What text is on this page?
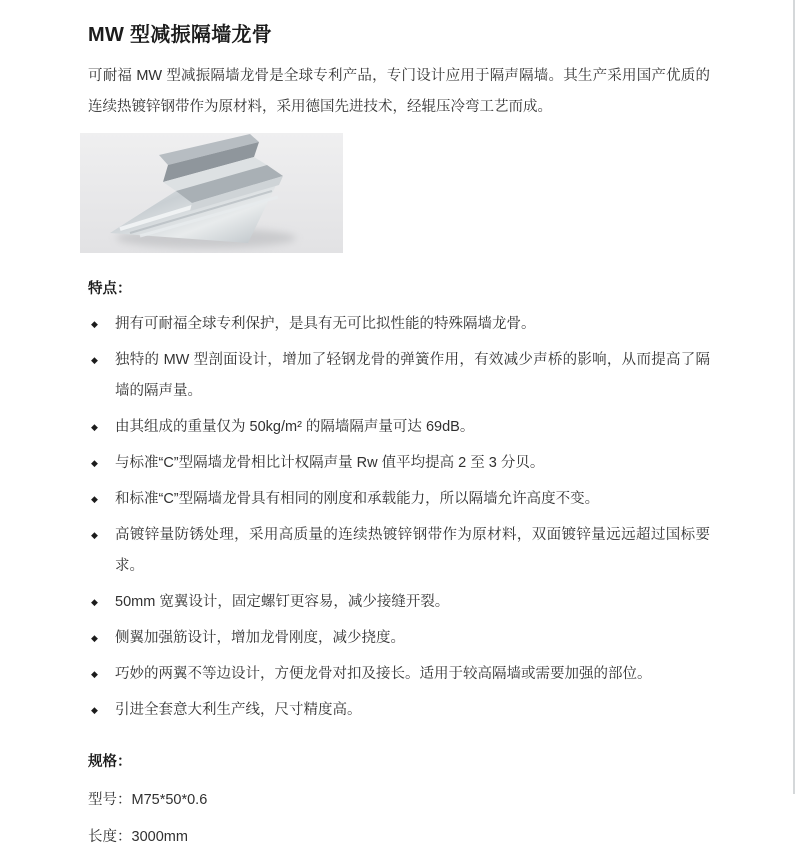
MW 型减振隔墙龙骨

可耐福 MW 型减振隔墙龙骨是全球专利产品，专门设计应用于隔声隔墙。其生产采用国产优质的连续热镀锌钢带作为原材料，采用德国先进技术，经辊压冷弯工艺而成。

特点：

◆ 拥有可耐福全球专利保护，是具有无可比拟性能的特殊隔墙龙骨。
◆ 独特的 MW 型剖面设计，增加了轻钢龙骨的弹簧作用，有效减少声桥的影响，从而提高了隔墙的隔声量。
◆ 由其组成的重量仅为 50kg/m² 的隔墙隔声量可达 69dB。
◆ 与标准“C”型隔墙龙骨相比计权隔声量 Rw 值平均提高 2 至 3 分贝。
◆ 和标准“C”型隔墙龙骨具有相同的刚度和承载能力，所以隔墙允许高度不变。
◆ 高镀锌量防锈处理，采用高质量的连续热镀锌钢带作为原材料，双面镀锌量远远超过国标要求。
◆ 50mm 宽翼设计，固定螺钉更容易，减少接缝开裂。
◆ 侧翼加强筋设计，增加龙骨刚度，减少挠度。
◆ 巧妙的两翼不等边设计，方便龙骨对扣及接长。适用于较高隔墙或需要加强的部位。
◆ 引进全套意大利生产线，尺寸精度高。

规格：

型号：M75*50*0.6

长度：3000mm
